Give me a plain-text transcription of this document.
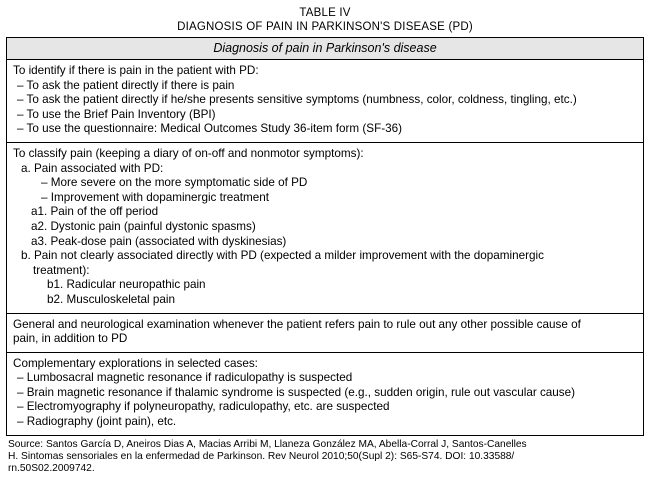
TABLE IV
DIAGNOSIS OF PAIN IN PARKINSON'S DISEASE (PD)
Diagnosis of pain in Parkinson's disease

To identify if there is pain in the patient with PD:

– To ask the patient directly if there is pain

– To ask the patient directly if he/she presents sensitive symptoms (numbness, color, coldness, tingling, etc.)

– To use the Brief Pain Inventory (BPI)

– To use the questionnaire: Medical Outcomes Study 36-item form (SF-36)

To classify pain (keeping a diary of on-off and nonmotor symptoms):

a. Pain associated with PD:

– More severe on the more symptomatic side of PD

– Improvement with dopaminergic treatment

a1. Pain of the off period

a2. Dystonic pain (painful dystonic spasms)

a3. Peak-dose pain (associated with dyskinesias)

b. Pain not clearly associated directly with PD (expected a milder improvement with the dopaminergic

treatment):

b1. Radicular neuropathic pain

b2. Musculoskeletal pain

General and neurological examination whenever the patient refers pain to rule out any other possible cause of

pain, in addition to PD

Complementary explorations in selected cases:

– Lumbosacral magnetic resonance if radiculopathy is suspected

– Brain magnetic resonance if thalamic syndrome is suspected (e.g., sudden origin, rule out vascular cause)

– Electromyography if polyneuropathy, radiculopathy, etc. are suspected

– Radiography (joint pain), etc.

Source: Santos García D, Aneiros Dias A, Macias Arribi M, Llaneza González MA, Abella-Corral J, Santos-Canelles

H. Sintomas sensoriales en la enfermedad de Parkinson. Rev Neurol 2010;50(Supl 2): S65-S74. DOI: 10.33588/

rn.50S02.2009742.
